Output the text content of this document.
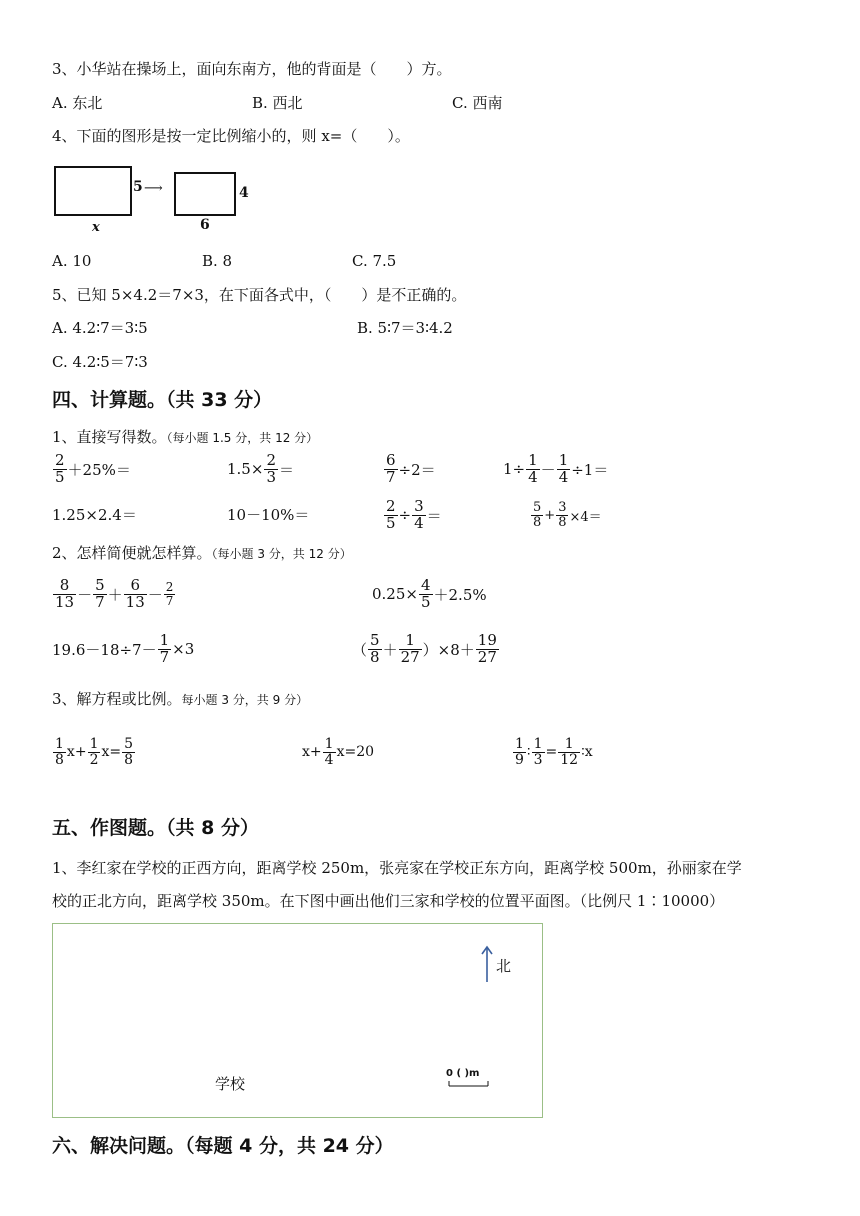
3、小华站在操场上，面向东南方，他的背面是（　　）方。
A. 东北	B. 西北	C. 西南
4、下面的图形是按一定比例缩小的，则 x=（　　）。
5 ⟶	4
x	6
A. 10	B. 8	C. 7.5
5、已知 5×4.2＝7×3，在下面各式中，（　　）是不正确的。
A. 4.2∶7＝3∶5	B. 5∶7＝3∶4.2
C. 4.2∶5＝7∶3
四、计算题。（共 33 分）
1、直接写得数。（每小题 1.5 分，共 12 分）
$\frac{2}{5} +25\%=$	$1.5\times \frac{2}{3}$ ＝	$\frac{6}{7} \div 2=$	$1\div \frac{1}{4} - \frac{1}{4} \div 1=$
1.25×2.4＝	10－10%＝	$\frac{2}{5} \div \frac{3}{4}$ ＝	$\frac{5}{8} + \frac{3}{8} \times 4=$
2、怎样简便就怎样算。（每小题 3 分，共 12 分）
$\frac{8}{13} - \frac{5}{7} + \frac{6}{13} - \frac{2}{7}$	$0.25\times \frac{4}{5} +2.5\%$
$19.6-18\div 7- \frac{1}{7} \times 3$	（ $\frac{5}{8} + \frac{1}{27} )\times 8+ \frac{19}{27}$
3、解方程或比例。每小题 3 分，共 9 分）
$\frac{1}{8} x+ \frac{1}{2} x= \frac{5}{8}$	$x+ \frac{1}{4} x=20$	$\frac{1}{9}$ ∶ $\frac{1}{3} = \frac{1}{12}$ ∶x
五、作图题。（共 8 分）
1、李红家在学校的正西方向，距离学校 250m，张亮家在学校正东方向，距离学校 500m，孙丽家在学
校的正北方向，距离学校 350m。在下图中画出他们三家和学校的位置平面图。（比例尺 1∶10000）
北
学校
0 ( )m
六、解决问题。（每题 4 分，共 24 分）
